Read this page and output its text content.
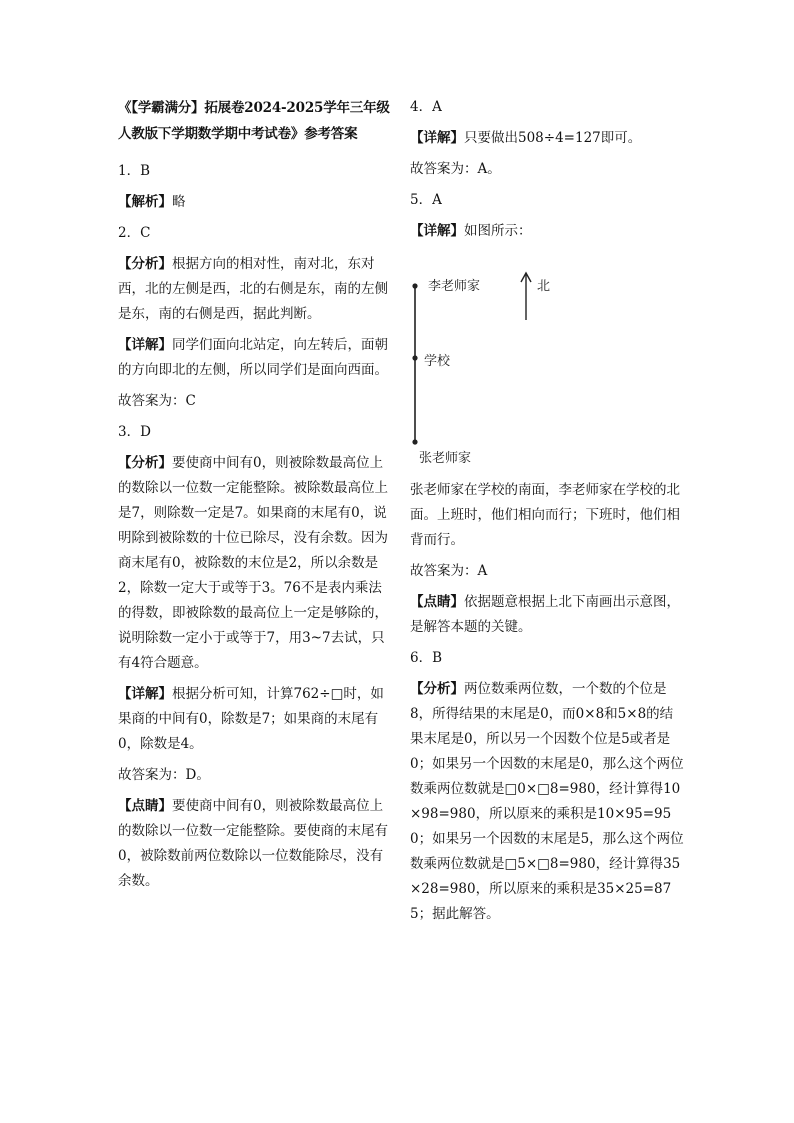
《【学霸满分】拓展卷2024-2025学年三年级人教版下学期数学期中考试卷》参考答案
1．B
【解析】略
2．C
【分析】根据方向的相对性，南对北，东对西，北的左侧是西，北的右侧是东，南的左侧是东，南的右侧是西，据此判断。
【详解】同学们面向北站定，向左转后，面朝的方向即北的左侧，所以同学们是面向西面。
故答案为：C
3．D
【分析】要使商中间有0，则被除数最高位上的数除以一位数一定能整除。被除数最高位上是7，则除数一定是7。如果商的末尾有0，说明除到被除数的十位已除尽，没有余数。因为商末尾有0，被除数的末位是2，所以余数是2，除数一定大于或等于3。76不是表内乘法的得数，即被除数的最高位上一定是够除的，说明除数一定小于或等于7，用3~7去试，只有4符合题意。
【详解】根据分析可知，计算762÷□时，如果商的中间有0，除数是7；如果商的末尾有0，除数是4。
故答案为：D。
【点睛】要使商中间有0，则被除数最高位上的数除以一位数一定能整除。要使商的末尾有0，被除数前两位数除以一位数能除尽，没有余数。
4．A
【详解】只要做出508÷4=127即可。
故答案为：A。
5．A
【详解】如图所示：
李老师家
学校
张老师家
北
张老师家在学校的南面，李老师家在学校的北面。上班时，他们相向而行；下班时，他们相背而行。
故答案为：A
【点睛】依据题意根据上北下南画出示意图，是解答本题的关键。
6．B
【分析】两位数乘两位数，一个数的个位是8，所得结果的末尾是0，而0×8和5×8的结果末尾是0，所以另一个因数个位是5或者是0；如果另一个因数的末尾是0，那么这个两位数乘两位数就是□0×□8=980，经计算得10×98=980，所以原来的乘积是10×95=950；如果另一个因数的末尾是5，那么这个两位数乘两位数就是□5×□8=980，经计算得35×28=980，所以原来的乘积是35×25=875；据此解答。
